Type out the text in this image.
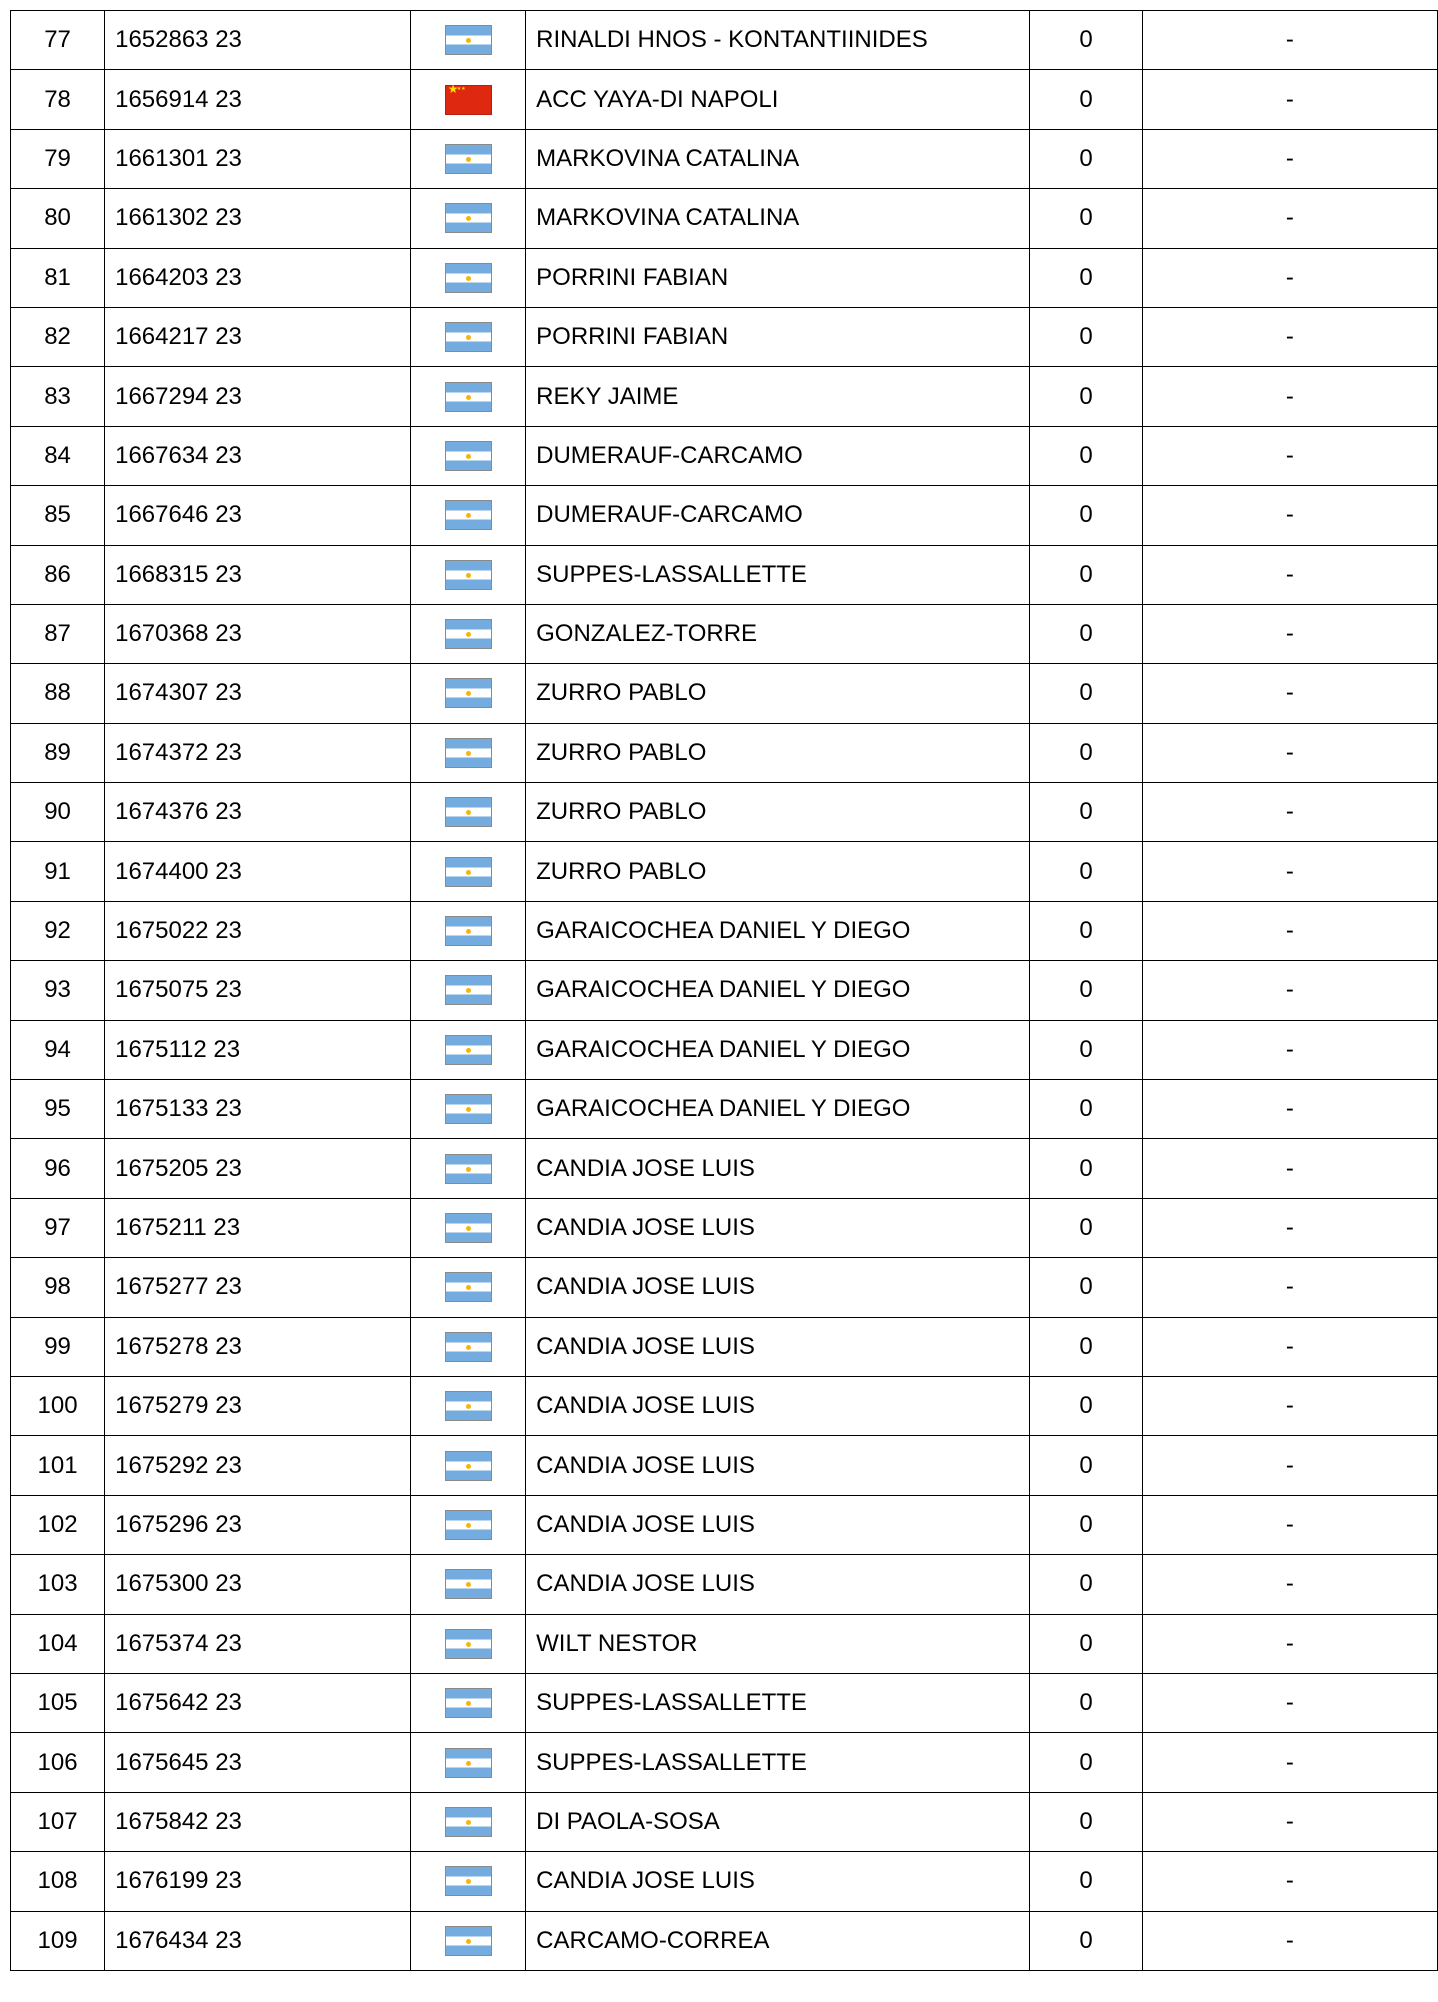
77	1652863 23		RINALDI HNOS - KONTANTIINIDES	0	-
78	1656914 23	★ ★★	ACC YAYA-DI NAPOLI	0	-
79	1661301 23		MARKOVINA CATALINA	0	-
80	1661302 23		MARKOVINA CATALINA	0	-
81	1664203 23		PORRINI FABIAN	0	-
82	1664217 23		PORRINI FABIAN	0	-
83	1667294 23		REKY JAIME	0	-
84	1667634 23		DUMERAUF-CARCAMO	0	-
85	1667646 23		DUMERAUF-CARCAMO	0	-
86	1668315 23		SUPPES-LASSALLETTE	0	-
87	1670368 23		GONZALEZ-TORRE	0	-
88	1674307 23		ZURRO PABLO	0	-
89	1674372 23		ZURRO PABLO	0	-
90	1674376 23		ZURRO PABLO	0	-
91	1674400 23		ZURRO PABLO	0	-
92	1675022 23		GARAICOCHEA DANIEL Y DIEGO	0	-
93	1675075 23		GARAICOCHEA DANIEL Y DIEGO	0	-
94	1675112 23		GARAICOCHEA DANIEL Y DIEGO	0	-
95	1675133 23		GARAICOCHEA DANIEL Y DIEGO	0	-
96	1675205 23		CANDIA JOSE LUIS	0	-
97	1675211 23		CANDIA JOSE LUIS	0	-
98	1675277 23		CANDIA JOSE LUIS	0	-
99	1675278 23		CANDIA JOSE LUIS	0	-
100	1675279 23		CANDIA JOSE LUIS	0	-
101	1675292 23		CANDIA JOSE LUIS	0	-
102	1675296 23		CANDIA JOSE LUIS	0	-
103	1675300 23		CANDIA JOSE LUIS	0	-
104	1675374 23		WILT NESTOR	0	-
105	1675642 23		SUPPES-LASSALLETTE	0	-
106	1675645 23		SUPPES-LASSALLETTE	0	-
107	1675842 23		DI PAOLA-SOSA	0	-
108	1676199 23		CANDIA JOSE LUIS	0	-
109	1676434 23		CARCAMO-CORREA	0	-
